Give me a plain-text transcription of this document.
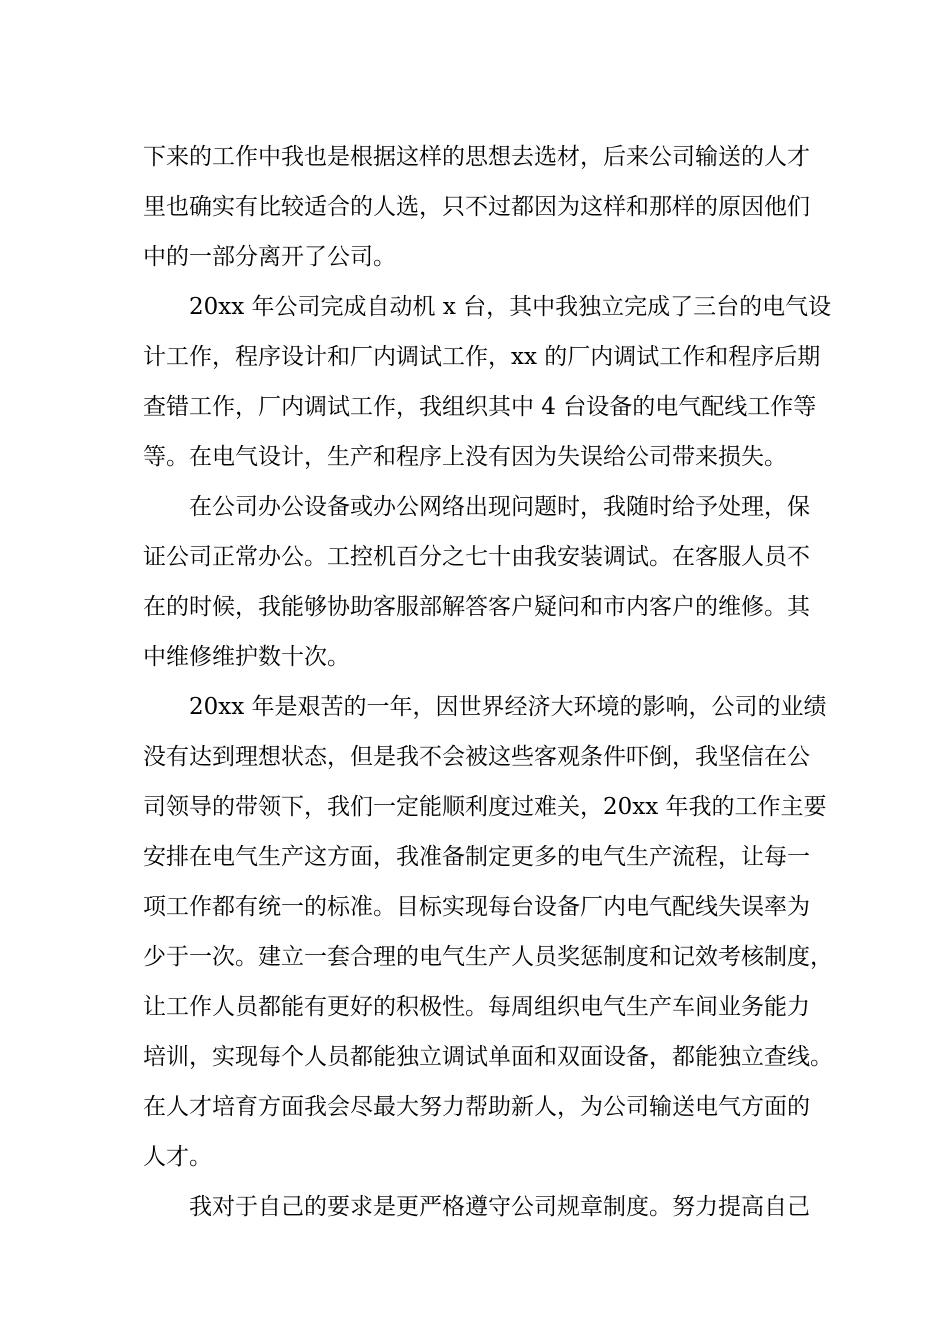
下来的工作中我也是根据这样的思想去选材，后来公司输送的人才
里也确实有比较适合的人选，只不过都因为这样和那样的原因他们
中的一部分离开了公司。
20xx 年公司完成自动机 x 台，其中我独立完成了三台的电气设
计工作，程序设计和厂内调试工作，xx 的厂内调试工作和程序后期
查错工作，厂内调试工作，我组织其中 4 台设备的电气配线工作等
等。在电气设计，生产和程序上没有因为失误给公司带来损失。
在公司办公设备或办公网络出现问题时，我随时给予处理，保
证公司正常办公。工控机百分之七十由我安装调试。在客服人员不
在的时候，我能够协助客服部解答客户疑问和市内客户的维修。其
中维修维护数十次。
20xx 年是艰苦的一年，因世界经济大环境的影响，公司的业绩
没有达到理想状态，但是我不会被这些客观条件吓倒，我坚信在公
司领导的带领下，我们一定能顺利度过难关，20xx 年我的工作主要
安排在电气生产这方面，我准备制定更多的电气生产流程，让每一
项工作都有统一的标准。目标实现每台设备厂内电气配线失误率为
少于一次。建立一套合理的电气生产人员奖惩制度和记效考核制度，
让工作人员都能有更好的积极性。每周组织电气生产车间业务能力
培训，实现每个人员都能独立调试单面和双面设备，都能独立查线。
在人才培育方面我会尽最大努力帮助新人，为公司输送电气方面的
人才。
我对于自己的要求是更严格遵守公司规章制度。努力提高自己
